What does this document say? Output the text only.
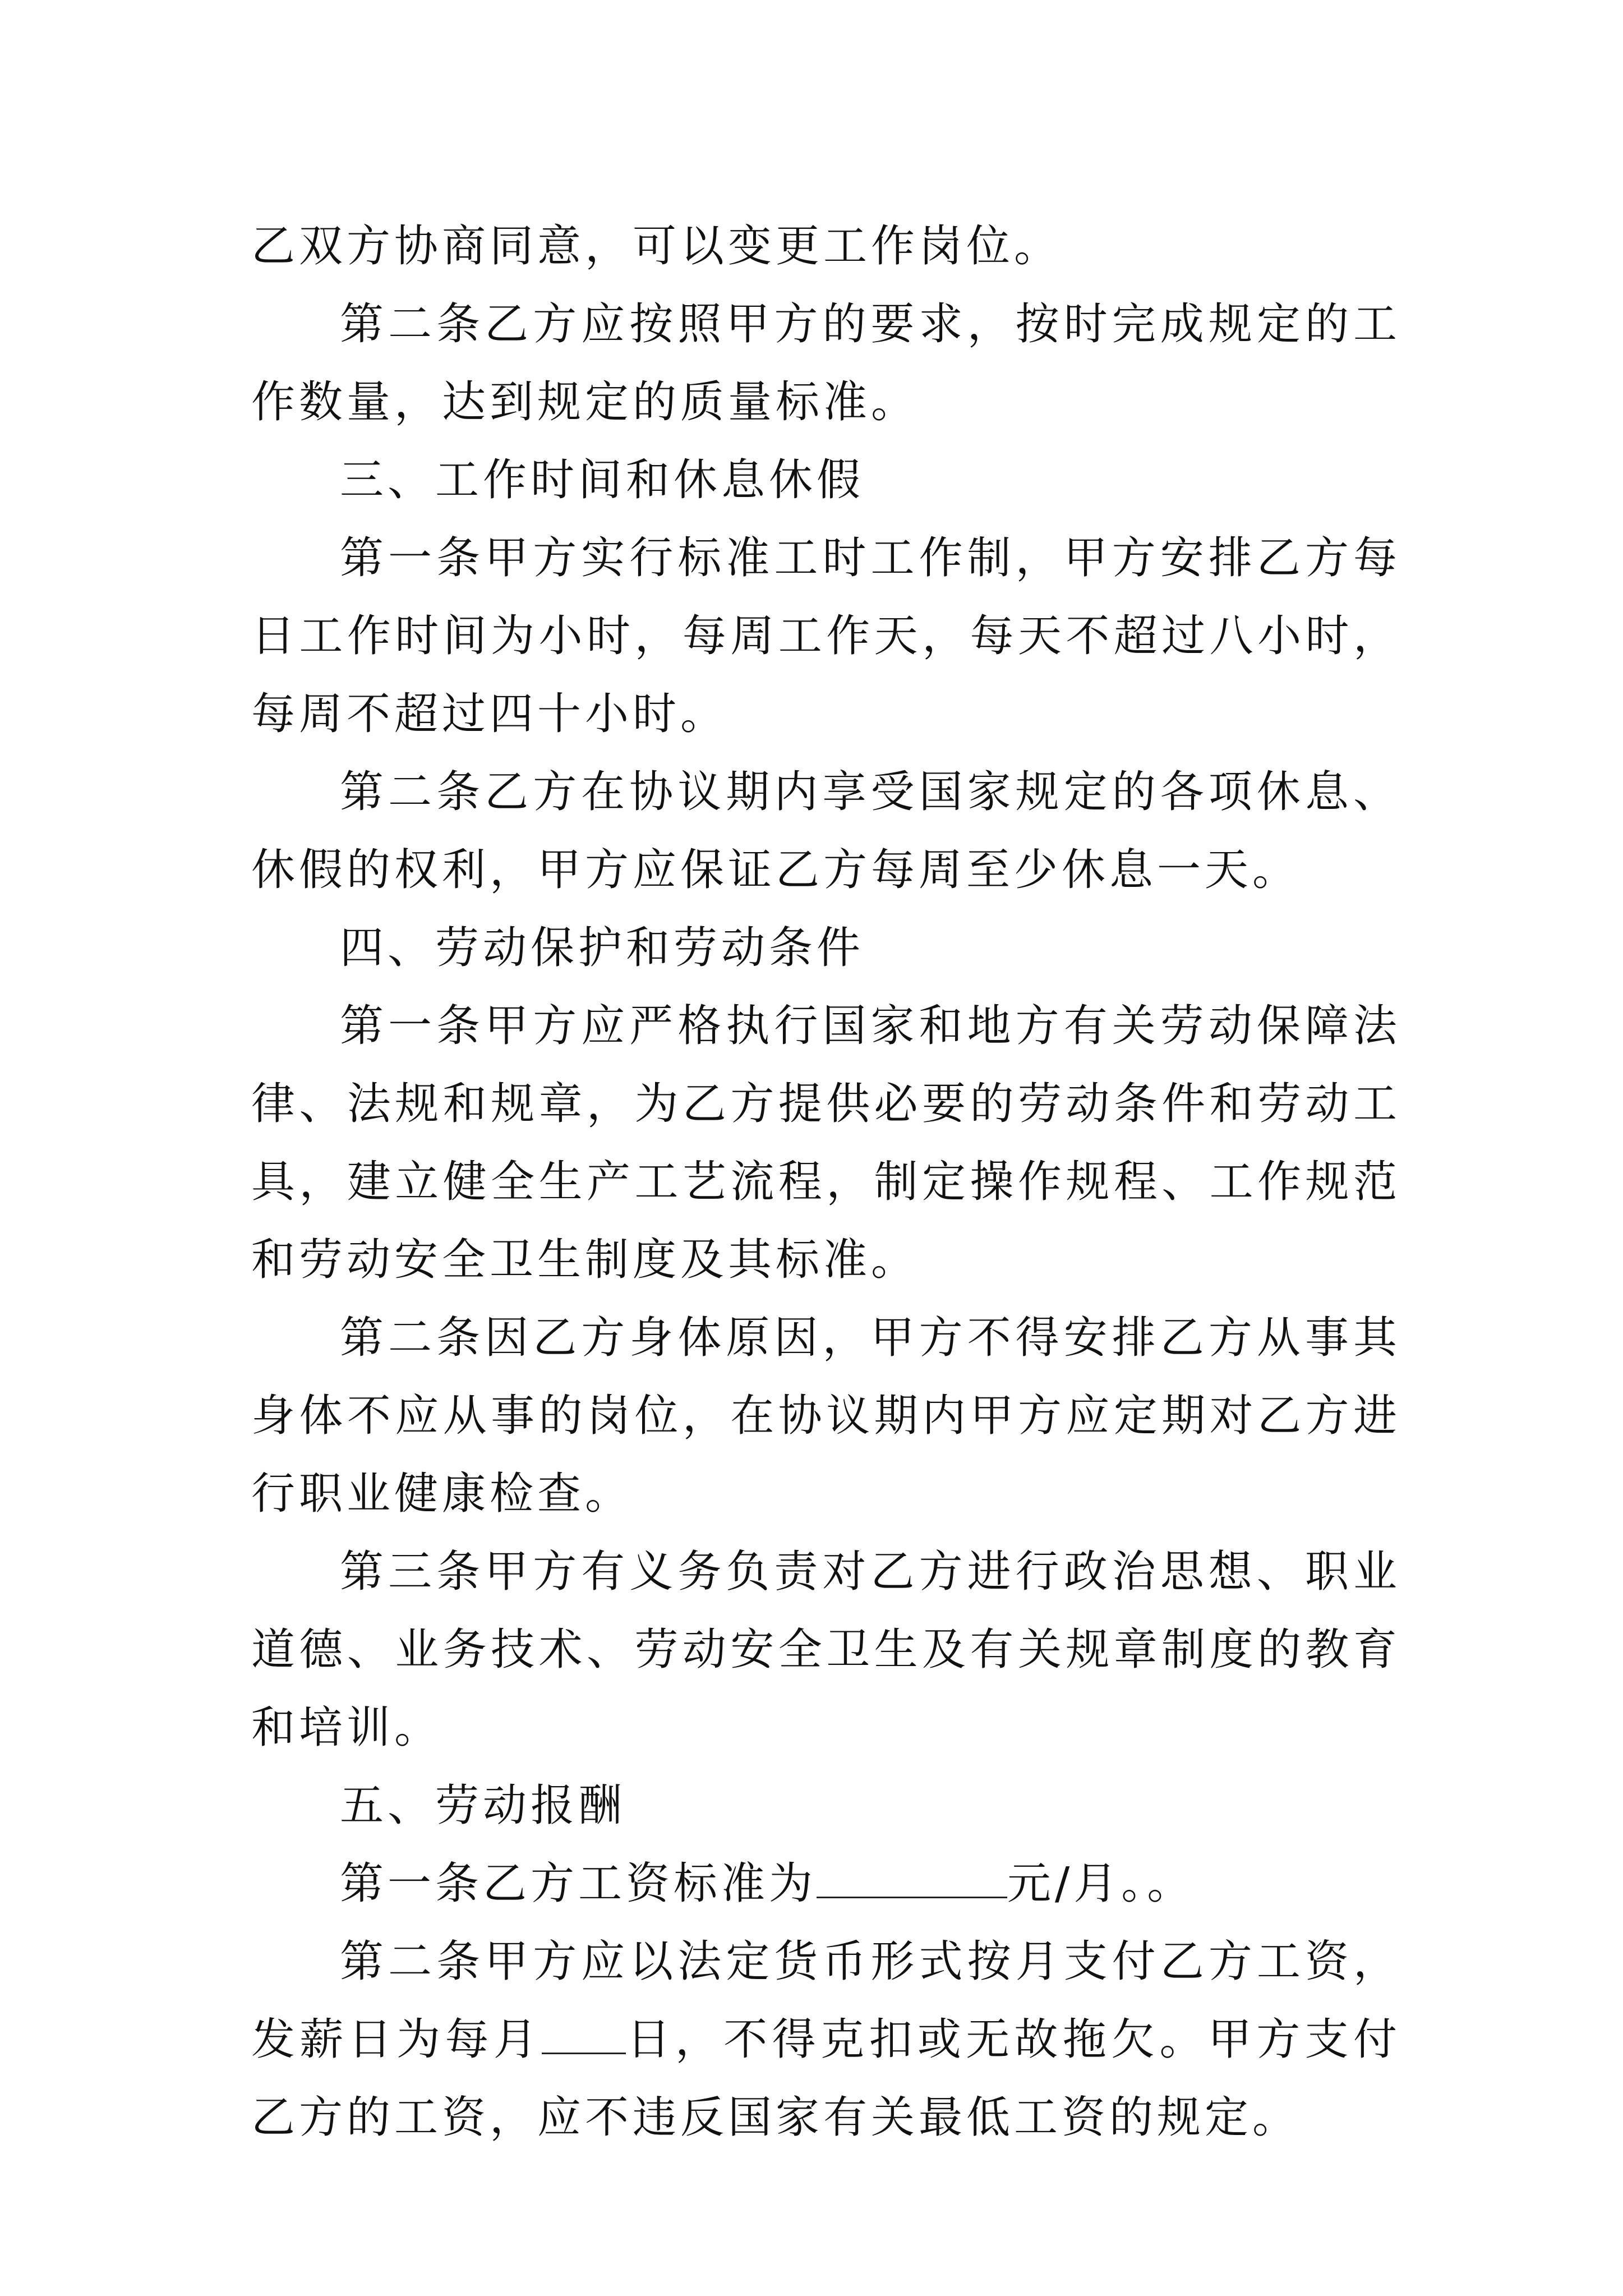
乙双方协商同意，可以变更工作岗位。

第二条乙方应按照甲方的要求，按时完成规定的工作数量，达到规定的质量标准。

三、工作时间和休息休假

第一条甲方实行标准工时工作制，甲方安排乙方每日工作时间为小时，每周工作天，每天不超过八小时，每周不超过四十小时。

第二条乙方在协议期内享受国家规定的各项休息、休假的权利，甲方应保证乙方每周至少休息一天。

四、劳动保护和劳动条件

第一条甲方应严格执行国家和地方有关劳动保障法律、法规和规章，为乙方提供必要的劳动条件和劳动工具，建立健全生产工艺流程，制定操作规程、工作规范和劳动安全卫生制度及其标准。

第二条因乙方身体原因，甲方不得安排乙方从事其身体不应从事的岗位，在协议期内甲方应定期对乙方进行职业健康检查。

第三条甲方有义务负责对乙方进行政治思想、职业道德、业务技术、劳动安全卫生及有关规章制度的教育和培训。

五、劳动报酬

第一条乙方工资标准为	元/月。。

第二条甲方应以法定货币形式按月支付乙方工资，发薪日为每月 日，不得克扣或无故拖欠。甲方支付乙方的工资，应不违反国家有关最低工资的规定。
